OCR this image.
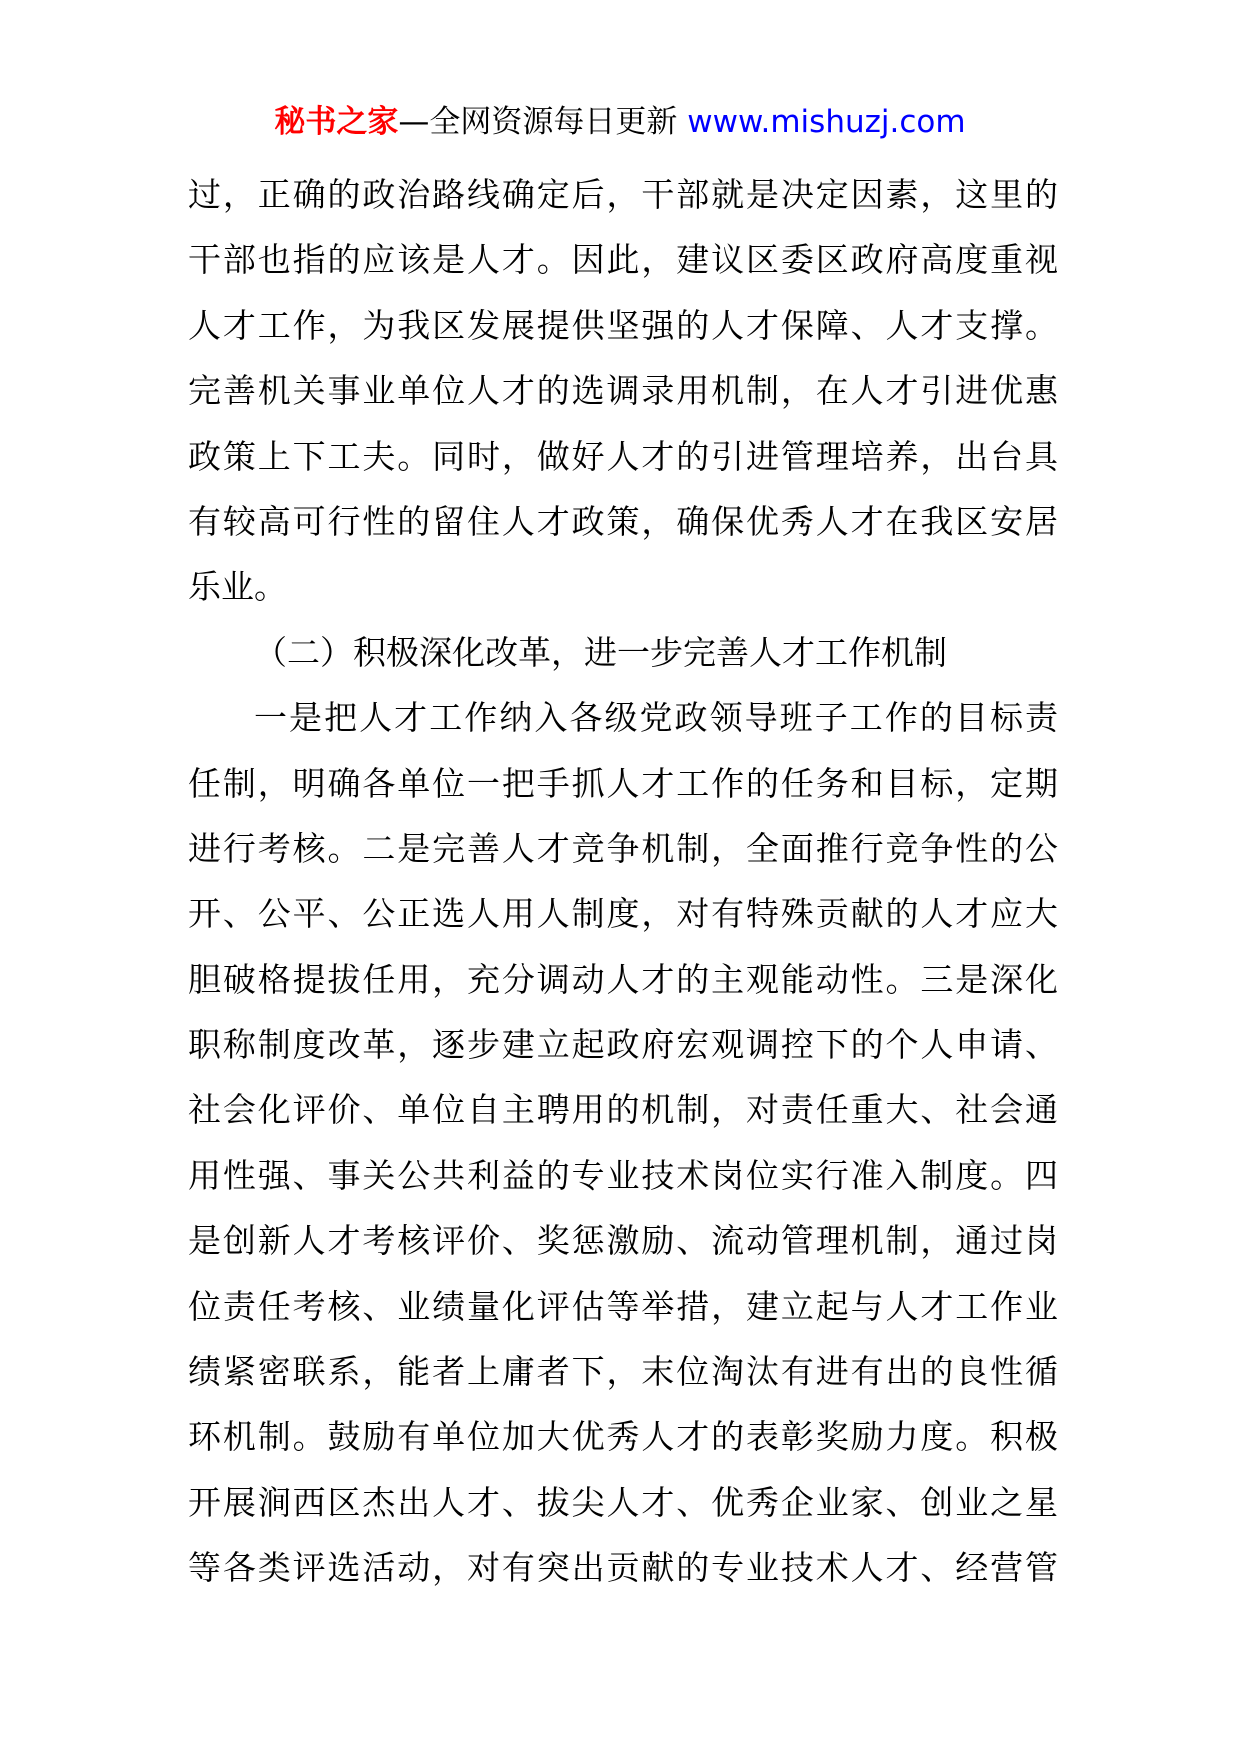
秘书之家—全网资源每日更新 www.mishuzj.com
过，正确的政治路线确定后，干部就是决定因素，这里的
干部也指的应该是人才。因此，建议区委区政府高度重视
人才工作，为我区发展提供坚强的人才保障、人才支撑。
完善机关事业单位人才的选调录用机制，在人才引进优惠
政策上下工夫。同时，做好人才的引进管理培养，出台具
有较高可行性的留住人才政策，确保优秀人才在我区安居
乐业。
（二）积极深化改革，进一步完善人才工作机制
一是把人才工作纳入各级党政领导班子工作的目标责
任制，明确各单位一把手抓人才工作的任务和目标，定期
进行考核。二是完善人才竞争机制，全面推行竞争性的公
开、公平、公正选人用人制度，对有特殊贡献的人才应大
胆破格提拔任用，充分调动人才的主观能动性。三是深化
职称制度改革，逐步建立起政府宏观调控下的个人申请、
社会化评价、单位自主聘用的机制，对责任重大、社会通
用性强、事关公共利益的专业技术岗位实行准入制度。四
是创新人才考核评价、奖惩激励、流动管理机制，通过岗
位责任考核、业绩量化评估等举措，建立起与人才工作业
绩紧密联系，能者上庸者下，末位淘汰有进有出的良性循
环机制。鼓励有单位加大优秀人才的表彰奖励力度。积极
开展涧西区杰出人才、拔尖人才、优秀企业家、创业之星
等各类评选活动，对有突出贡献的专业技术人才、经营管
